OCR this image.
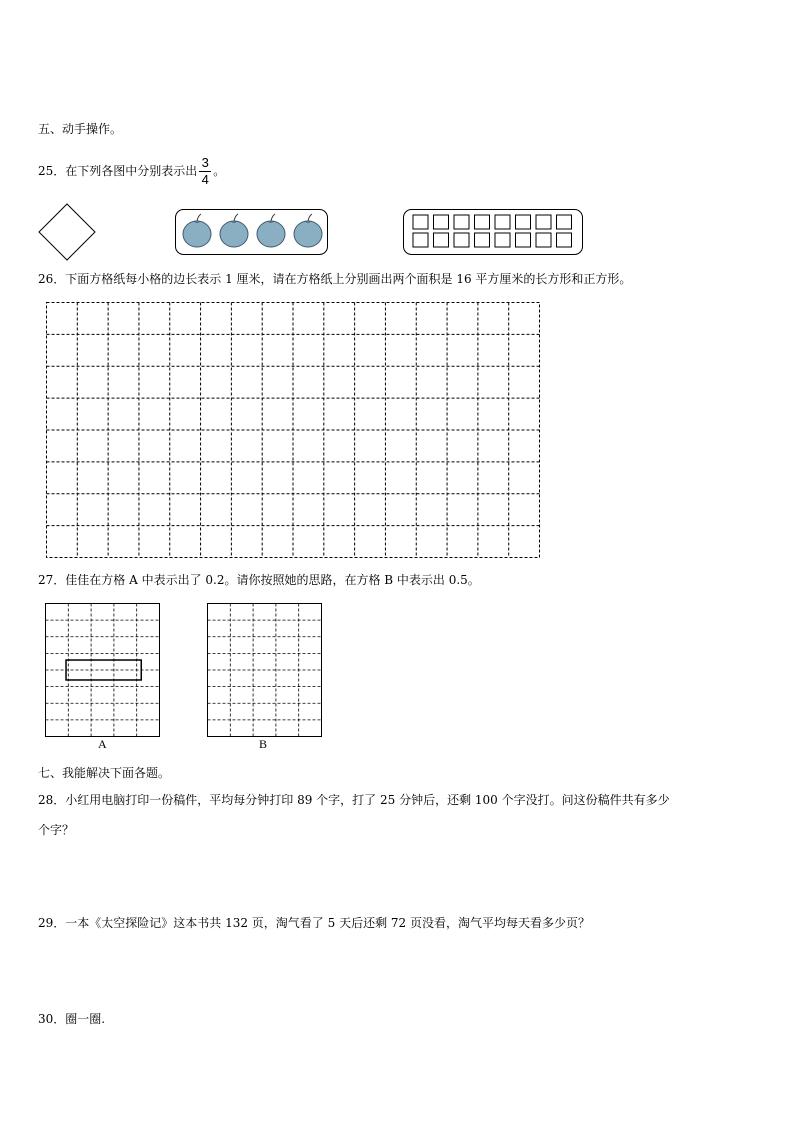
五、动手操作。
25．在下列各图中分别表示出 $\frac{3}{4}$ 。
26．下面方格纸每小格的边长表示 1 厘米，请在方格纸上分别画出两个面积是 16 平方厘米的长方形和正方形。
27．佳佳在方格 A 中表示出了 0.2。请你按照她的思路，在方格 B 中表示出 0.5。
A	B
七、我能解决下面各题。
28．小红用电脑打印一份稿件，平均每分钟打印 89 个字，打了 25 分钟后，还剩 100 个字没打。问这份稿件共有多少
个字？
29．一本《太空探险记》这本书共 132 页，淘气看了 5 天后还剩 72 页没看，淘气平均每天看多少页？
30．圈一圈.
